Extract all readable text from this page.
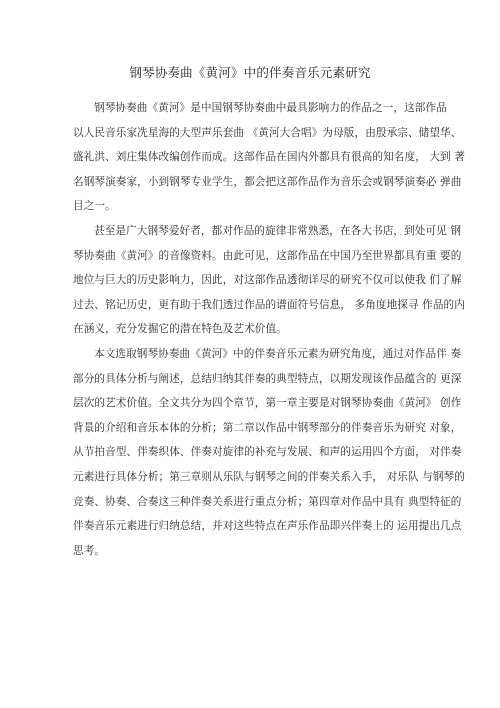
钢琴协奏曲《黄河》中的伴奏音乐元素研究
钢琴协奏曲《黄河》是中国钢琴协奏曲中最具影响力的作品之一，这部作品
以人民音乐家冼星海的大型声乐套曲 《黄河大合唱》为母版，由殷承宗、储望华、
盛礼洪、刘庄集体改编创作而成。这部作品在国内外都具有很高的知名度， 大到 著
名钢琴演奏家，小到钢琴专业学生，都会把这部作品作为音乐会或钢琴演奏必 弹曲
目之一。
甚至是广大钢琴爱好者，都对作品的旋律非常熟悉，在各大书店，到处可见 钢
琴协奏曲《黄河》的音像资料。由此可见，这部作品在中国乃至世界都具有重 要的
地位与巨大的历史影响力，因此，对这部作品透彻详尽的研究不仅可以使我 们了解
过去、铭记历史，更有助于我们透过作品的谱面符号信息， 多角度地探寻 作品的内
在涵义，充分发掘它的潜在特色及艺术价值。
本文选取钢琴协奏曲《黄河》中的伴奏音乐元素为研究角度，通过对作品伴 奏
部分的具体分析与阐述，总结归纳其伴奏的典型特点，以期发现该作品蕴含的 更深
层次的艺术价值。全文共分为四个章节，第一章主要是对钢琴协奏曲《黄河》 创作
背景的介绍和音乐本体的分析；第二章以作品中钢琴部分的伴奏音乐为研究 对象，
从节拍音型、伴奏织体、伴奏对旋律的补充与发展、和声的运用四个方面， 对伴奏
元素进行具体分析；第三章则从乐队与钢琴之间的伴奏关系入手， 对乐队 与钢琴的
竞奏、协奏、合奏这三种伴奏关系进行重点分析；第四章对作品中具有 典型特征的
伴奏音乐元素进行归纳总结，并对这些特点在声乐作品即兴伴奏上的 运用提出几点
思考。
